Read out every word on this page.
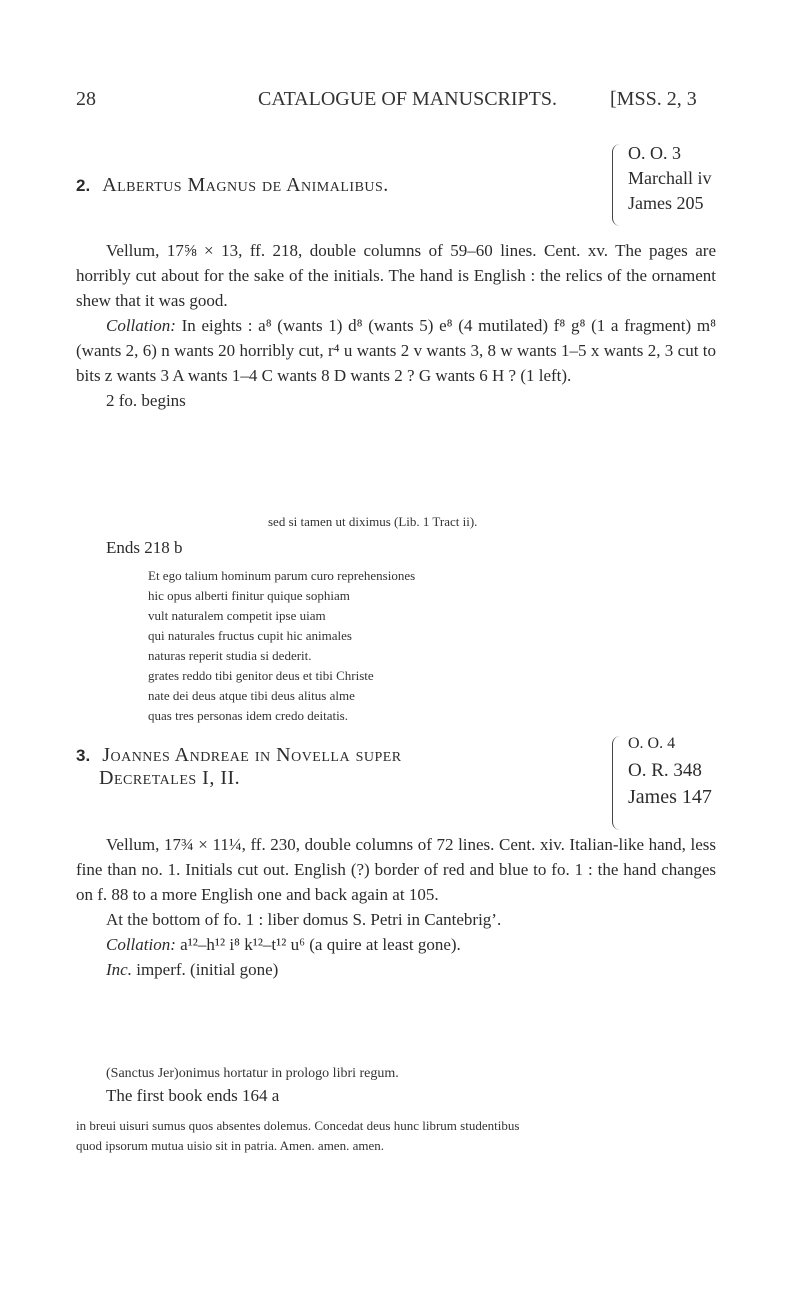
28	CATALOGUE OF MANUSCRIPTS.	[MSS. 2, 3
2. Albertus Magnus de Animalibus.
O. O. 3
Marchall iv
James 205

Vellum, 17⅝ × 13, ff. 218, double columns of 59–60 lines. Cent. xv. The pages are horribly cut about for the sake of the initials. The hand is English : the relics of the ornament shew that it was good.

Collation: In eights : a⁸ (wants 1) d⁸ (wants 5) e⁸ (4 mutilated) f⁸ g⁸ (1 a fragment) m⁸ (wants 2, 6) n wants 20 horribly cut, r⁴ u wants 2 v wants 3, 8 w wants 1–5 x wants 2, 3 cut to bits z wants 3 A wants 1–4 C wants 8 D wants 2 ? G wants 6 H ? (1 left).

2 fo. begins

sed si tamen ut diximus (Lib. 1 Tract ii).
Ends 218 b
Et ego talium hominum parum curo reprehensiones
hic opus alberti finitur quique sophiam
vult naturalem competit ipse uiam
qui naturales fructus cupit hic animales
naturas reperit studia si dederit.
grates reddo tibi genitor deus et tibi Christe
nate dei deus atque tibi deus alitus alme
quas tres personas idem credo deitatis.
3. Joannes Andreae in Novella super
Decretales I, II.
O. O. 4
O. R. 348
James 147

Vellum, 17¾ × 11¼, ff. 230, double columns of 72 lines. Cent. xiv. Italian-like hand, less fine than no. 1. Initials cut out. English (?) border of red and blue to fo. 1 : the hand changes on f. 88 to a more English one and back again at 105.

At the bottom of fo. 1 : liber domus S. Petri in Cantebrig’.

Collation: a¹²–h¹² i⁸ k¹²–t¹² u⁶ (a quire at least gone).

Inc. imperf. (initial gone)

(Sanctus Jer)onimus hortatur in prologo libri regum.
The first book ends 164 a
in breui uisuri sumus quos absentes dolemus. Concedat deus hunc librum studentibus
quod ipsorum mutua uisio sit in patria. Amen. amen. amen.
